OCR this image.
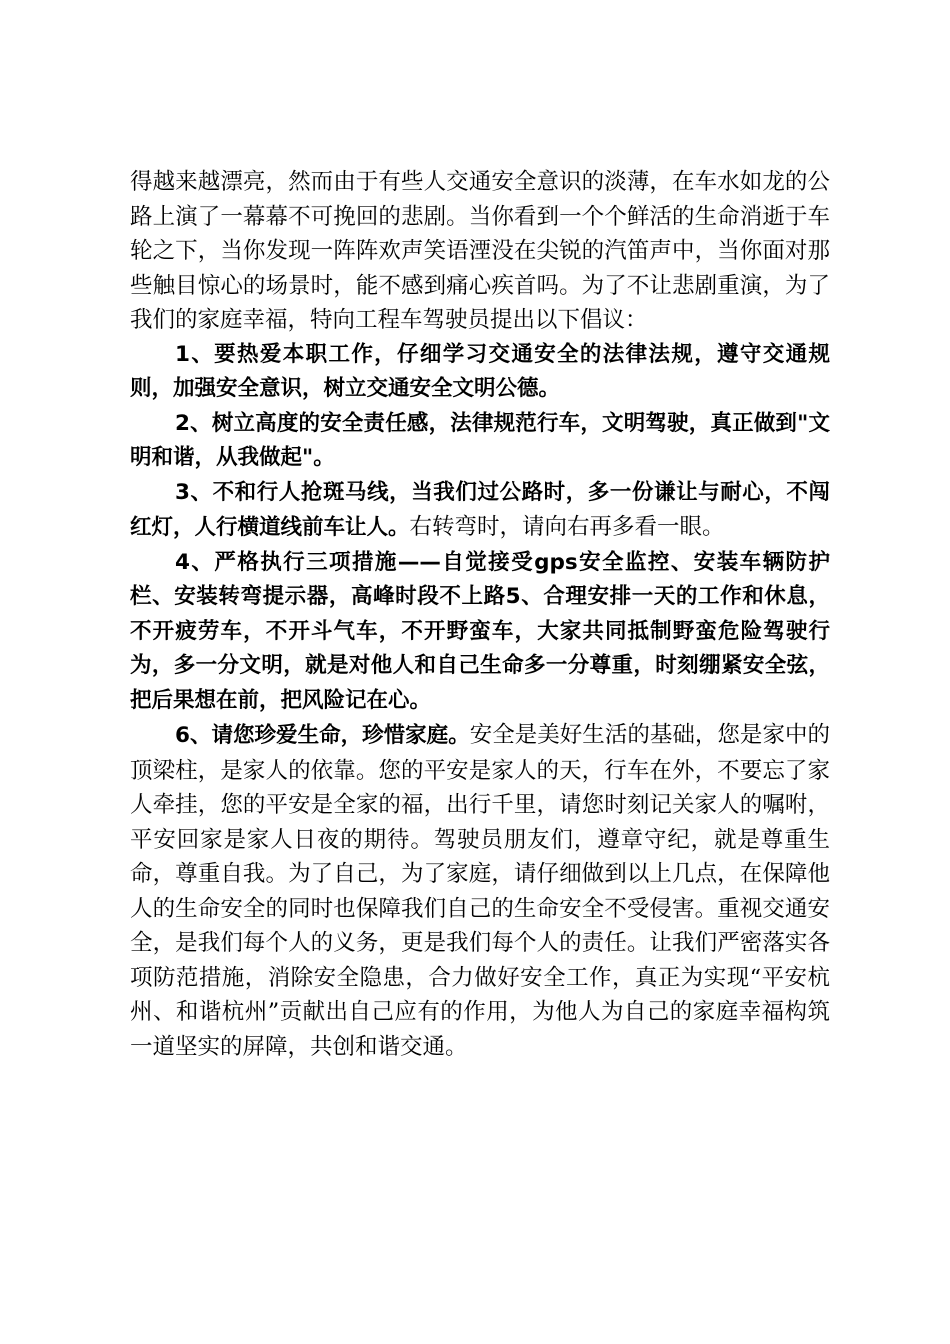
得越来越漂亮，然而由于有些人交通安全意识的淡薄，在车水如龙的公路上演了一幕幕不可挽回的悲剧。当你看到一个个鲜活的生命消逝于车轮之下，当你发现一阵阵欢声笑语湮没在尖锐的汽笛声中，当你面对那些触目惊心的场景时，能不感到痛心疾首吗。为了不让悲剧重演，为了我们的家庭幸福，特向工程车驾驶员提出以下倡议：

1、要热爱本职工作，仔细学习交通安全的法律法规，遵守交通规则，加强安全意识，树立交通安全文明公德。

2、树立高度的安全责任感，法律规范行车，文明驾驶，真正做到"文明和谐，从我做起"。

3、不和行人抢斑马线，当我们过公路时，多一份谦让与耐心，不闯红灯，人行横道线前车让人。右转弯时，请向右再多看一眼。

4、严格执行三项措施——自觉接受gps安全监控、安装车辆防护栏、安装转弯提示器，高峰时段不上路5、合理安排一天的工作和休息，不开疲劳车，不开斗气车，不开野蛮车，大家共同抵制野蛮危险驾驶行为，多一分文明，就是对他人和自己生命多一分尊重，时刻绷紧安全弦，把后果想在前，把风险记在心。

6、请您珍爱生命，珍惜家庭。安全是美好生活的基础，您是家中的顶梁柱，是家人的依靠。您的平安是家人的天，行车在外，不要忘了家人牵挂，您的平安是全家的福，出行千里，请您时刻记关家人的嘱咐，平安回家是家人日夜的期待。驾驶员朋友们，遵章守纪，就是尊重生命，尊重自我。为了自己，为了家庭，请仔细做到以上几点，在保障他人的生命安全的同时也保障我们自己的生命安全不受侵害。重视交通安全，是我们每个人的义务，更是我们每个人的责任。让我们严密落实各项防范措施，消除安全隐患，合力做好安全工作，真正为实现“平安杭州、和谐杭州”贡献出自己应有的作用，为他人为自己的家庭幸福构筑一道坚实的屏障，共创和谐交通。
